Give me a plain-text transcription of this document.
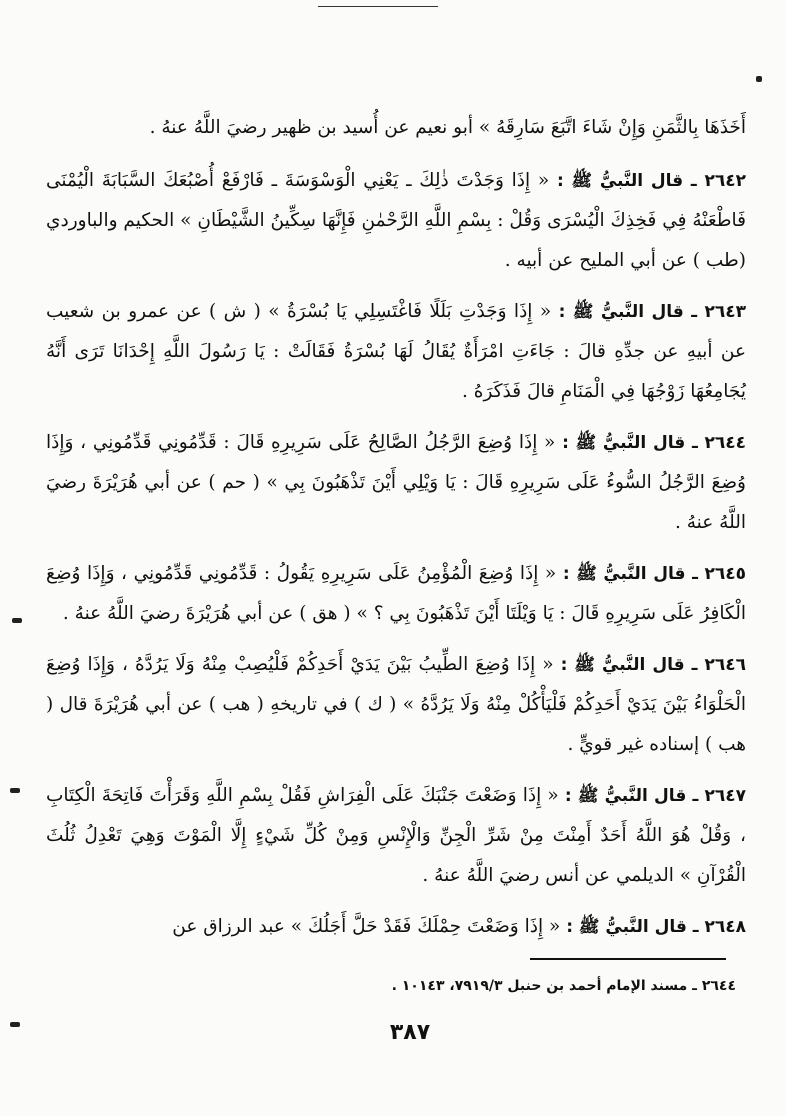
أَخَذَهَا بِالثَّمَنِ وَإِنْ شَاءَ اتَّبَعَ سَارِقَهُ » أبو نعيم عن أُسيد بن ظهير رضيَ اللَّهُ عنهُ .

٢٦٤٢ ـ قال النَّبيُّ ﷺ : « إِذَا وَجَدْتَ ذٰلِكَ ـ يَعْنِي الْوَسْوَسَةَ ـ فَارْفَعْ أُصْبُعَكَ السَّبَابَةَ الْيُمْنَى فَاطْعَنْهُ فِي فَخِذِكَ الْيُسْرَى وَقُلْ : بِسْمِ اللَّهِ الرَّحْمٰنِ فَإِنَّهَا سِكِّينُ الشَّيْطَانِ » الحكيم والباوردي (طب ) عن أبي المليح عن أبيه .

٢٦٤٣ ـ قال النَّبيُّ ﷺ : « إِذَا وَجَدْتِ بَلَلًا فَاغْتَسِلِي يَا بُسْرَةُ » ( ش ) عن عمرو بن شعيب عن أبيهِ عن جدِّهِ قالَ : جَاءَتِ امْرَأَةٌ يُقَالُ لَهَا بُسْرَةُ فَقَالَتْ : يَا رَسُولَ اللَّهِ إِحْدَانَا تَرَى أَنَّهُ يُجَامِعُهَا زَوْجُهَا فِي الْمَنَامِ قالَ فَذَكَرَهُ .

٢٦٤٤ ـ قال النَّبيُّ ﷺ : « إِذَا وُضِعَ الرَّجُلُ الصَّالِحُ عَلَى سَرِيرِهِ قَالَ : قَدِّمُونِي قَدِّمُونِي ، وَإِذَا وُضِعَ الرَّجُلُ السُّوءُ عَلَى سَرِيرِهِ قَالَ : يَا وَيْلِي أَيْنَ تَذْهَبُونَ بِي » ( حم ) عن أبي هُرَيْرَةَ رضيَ اللَّهُ عنهُ .

٢٦٤٥ ـ قال النَّبيُّ ﷺ : « إِذَا وُضِعَ الْمُؤْمِنُ عَلَى سَرِيرِهِ يَقُولُ : قَدِّمُونِي قَدِّمُونِي ، وَإِذَا وُضِعَ الْكَافِرُ عَلَى سَرِيرِهِ قَالَ : يَا وَيْلَتَا أَيْنَ تَذْهَبُونَ بِي ؟ » ( هق ) عن أبي هُرَيْرَةَ رضيَ اللَّهُ عنهُ .

٢٦٤٦ ـ قال النَّبيُّ ﷺ : « إِذَا وُضِعَ الطِّيبُ بَيْنَ يَدَيْ أَحَدِكُمْ فَلْيُصِبْ مِنْهُ وَلَا يَرُدَّهُ ، وَإِذَا وُضِعَ الْحَلْوَاءُ بَيْنَ يَدَيْ أَحَدِكُمْ فَلْيَأْكُلْ مِنْهُ وَلَا يَرُدَّهُ » ( ك ) في تاريخهِ ( هب ) عن أبي هُرَيْرَةَ قال ( هب ) إسناده غير قويٍّ .

٢٦٤٧ ـ قال النَّبيُّ ﷺ : « إِذَا وَضَعْتَ جَنْبَكَ عَلَى الْفِرَاشِ فَقُلْ بِسْمِ اللَّهِ وَقَرَأْتَ فَاتِحَةَ الْكِتَابِ ، وَقُلْ هُوَ اللَّهُ أَحَدٌ أَمِنْتَ مِنْ شَرِّ الْجِنِّ وَالْإِنْسِ وَمِنْ كُلِّ شَيْءٍ إِلَّا الْمَوْتَ وَهِيَ تَعْدِلُ ثُلُثَ الْقُرْآنِ » الديلمي عن أنس رضيَ اللَّهُ عنهُ .

٢٦٤٨ ـ قال النَّبيُّ ﷺ : « إِذَا وَضَعْتَ حِمْلَكَ فَقَدْ حَلَّ أَجَلُكَ » عبد الرزاق عن

٢٦٤٤ ـ مسند الإمام أحمد بن حنبل ٧٩١٩/٣، ١٠١٤٣ .
٣٨٧
